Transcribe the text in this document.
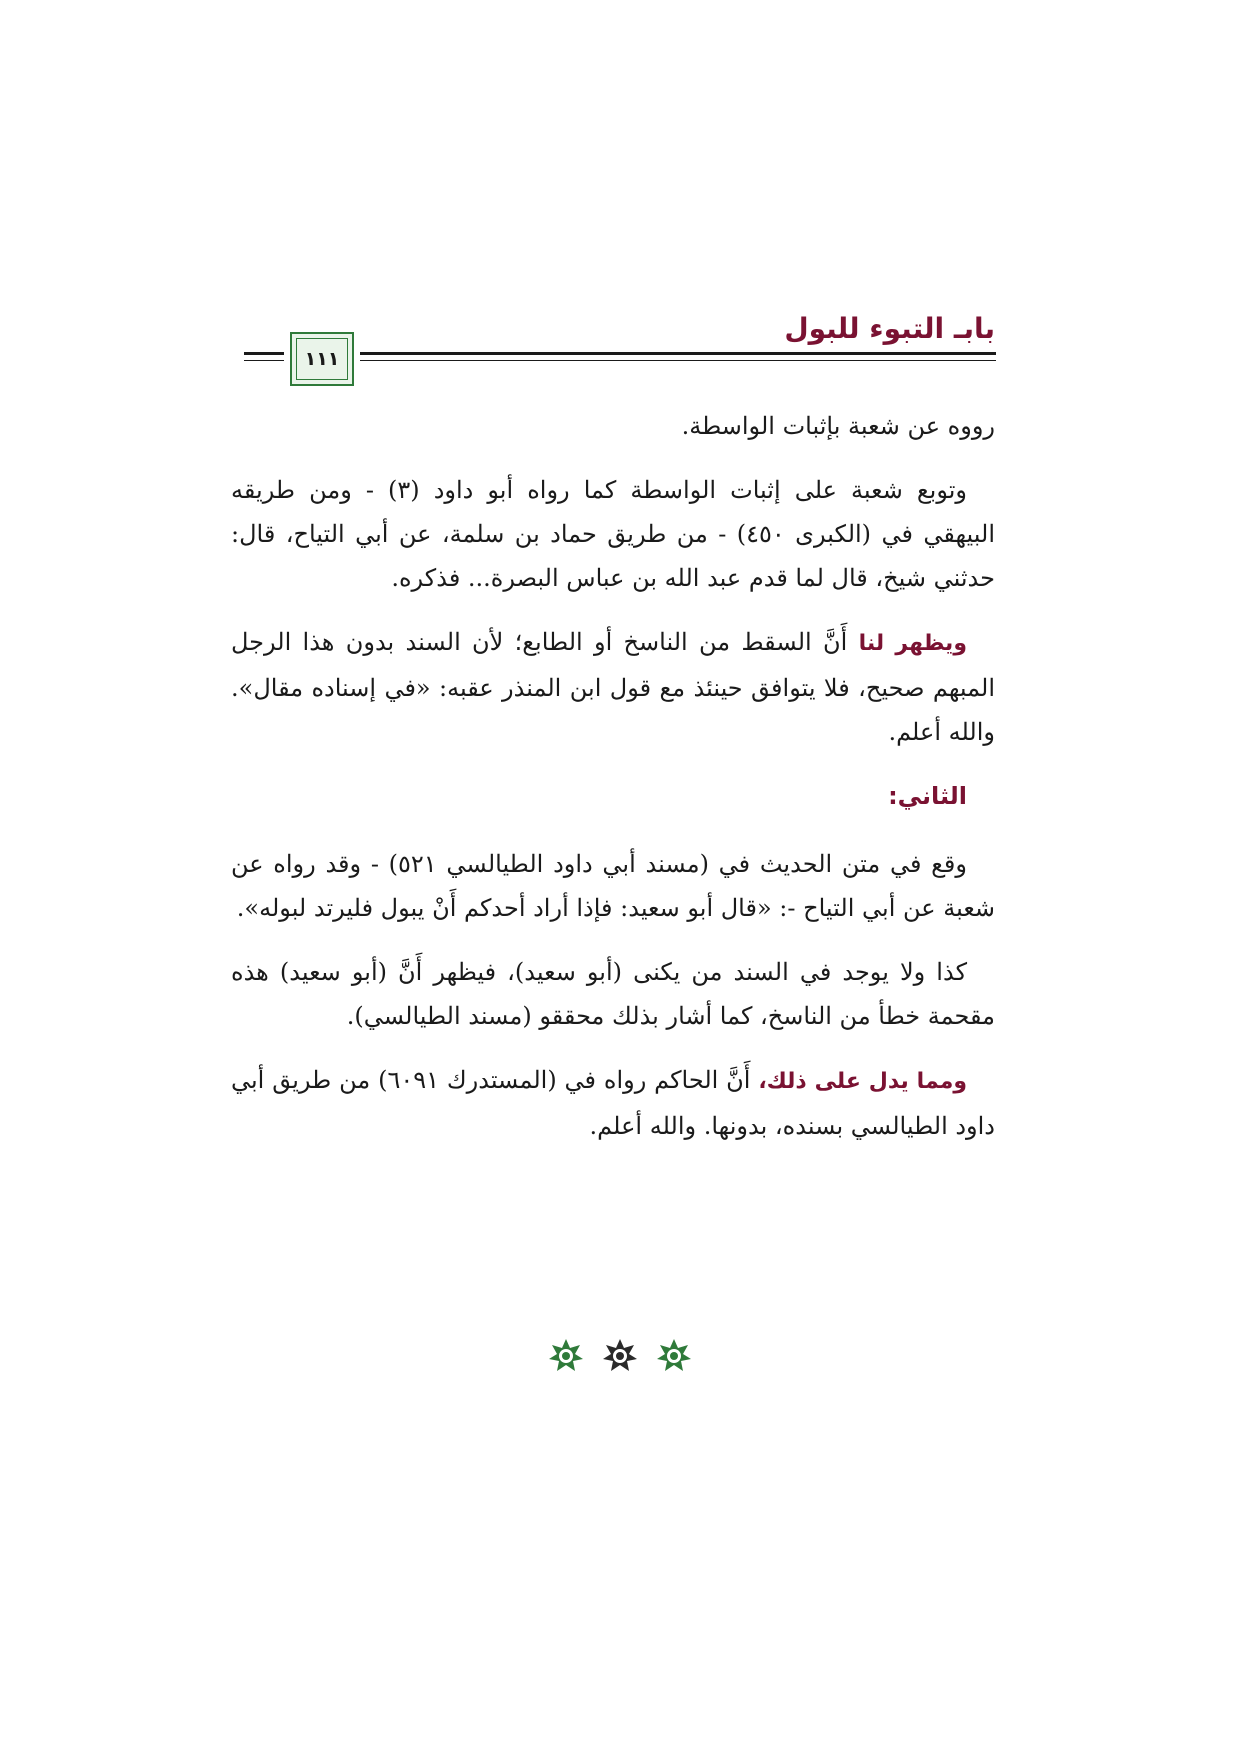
بابـ التبوء للبول
١١١

رووه عن شعبة بإثبات الواسطة.

وتوبع شعبة على إثبات الواسطة كما رواه أبو داود (٣) - ومن طريقه البيهقي في (الكبرى ٤٥٠) - من طريق حماد بن سلمة، عن أبي التياح، قال: حدثني شيخ، قال لما قدم عبد الله بن عباس البصرة... فذكره.

ويظهر لنا أَنَّ السقط من الناسخ أو الطابع؛ لأن السند بدون هذا الرجل المبهم صحيح، فلا يتوافق حينئذ مع قول ابن المنذر عقبه: «في إسناده مقال». والله أعلم.

الثاني:

وقع في متن الحديث في (مسند أبي داود الطيالسي ٥٢١) - وقد رواه عن شعبة عن أبي التياح -: «قال أبو سعيد: فإذا أراد أحدكم أَنْ يبول فليرتد لبوله».

كذا ولا يوجد في السند من يكنى (أبو سعيد)، فيظهر أَنَّ (أبو سعيد) هذه مقحمة خطأ من الناسخ، كما أشار بذلك محققو (مسند الطيالسي).

ومما يدل على ذلك، أَنَّ الحاكم رواه في (المستدرك ٦٠٩١) من طريق أبي داود الطيالسي بسنده، بدونها. والله أعلم.
